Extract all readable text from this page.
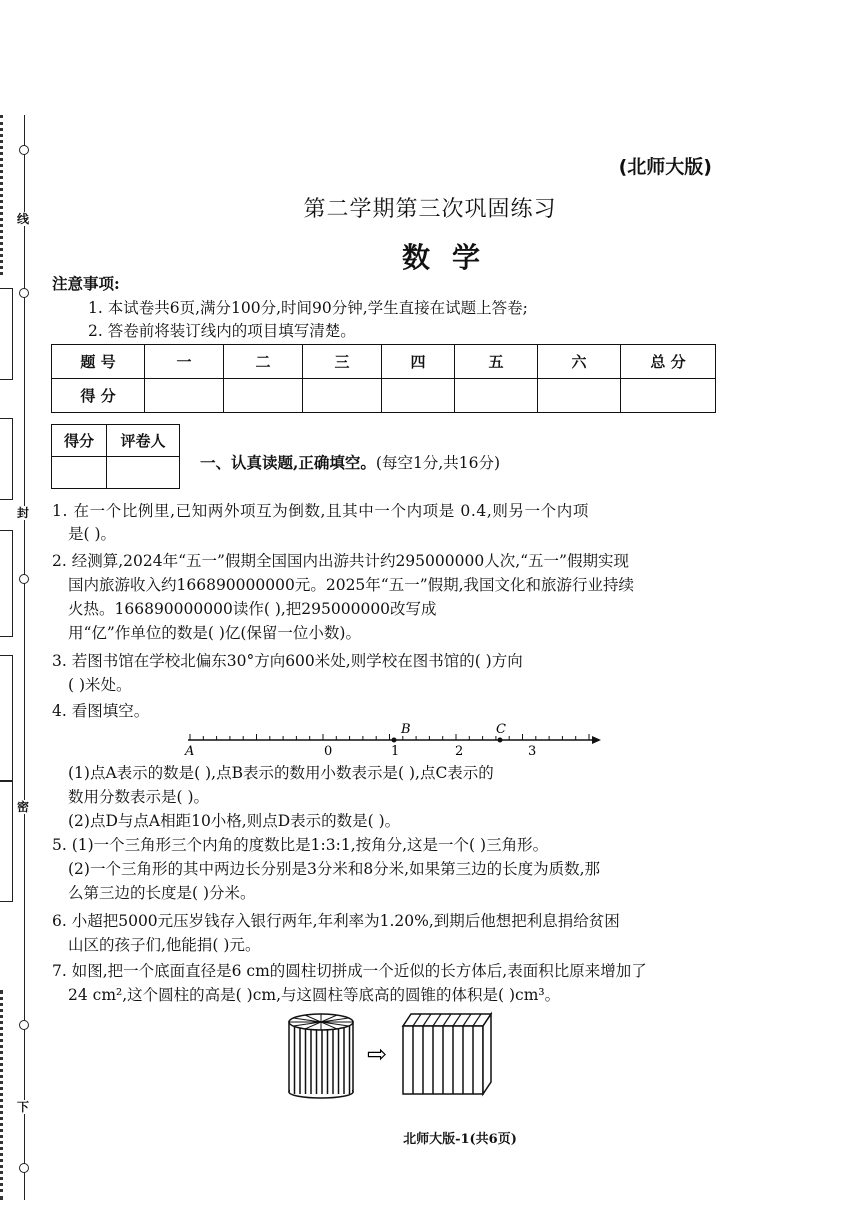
线
封
密
下
(北师大版)
第二学期第三次巩固练习
数学
注意事项:
1. 本试卷共6页,满分100分,时间90分钟,学生直接在试题上答卷;
2. 答卷前将装订线内的项目填写清楚。
题 号	一	二	三	四	五	六	总 分
得 分							
得分	评卷人

一、认真读题,正确填空。(每空1分,共16分)
1. 在一个比例里,已知两外项互为倒数,且其中一个内项是 0.4,则另一个内项
是( )。
2. 经测算,2024年“五一”假期全国国内出游共计约295000000人次,“五一”假期实现
国内旅游收入约166890000000元。2025年“五一”假期,我国文化和旅游行业持续
火热。166890000000读作( ),把295000000改写成
用“亿”作单位的数是( )亿(保留一位小数)。
3. 若图书馆在学校北偏东30°方向600米处,则学校在图书馆的( )方向
( )米处。
4. 看图填空。
A
B	C
0	1	2	3
(1)点A表示的数是( ),点B表示的数用小数表示是( ),点C表示的
数用分数表示是( )。
(2)点D与点A相距10小格,则点D表示的数是( )。
5. (1)一个三角形三个内角的度数比是1:3:1,按角分,这是一个( )三角形。
(2)一个三角形的其中两边长分别是3分米和8分米,如果第三边的长度为质数,那
么第三边的长度是( )分米。
6. 小超把5000元压岁钱存入银行两年,年利率为1.20%,到期后他想把利息捐给贫困
山区的孩子们,他能捐( )元。
7. 如图,把一个底面直径是6 cm的圆柱切拼成一个近似的长方体后,表面积比原来增加了
24 cm²,这个圆柱的高是( )cm,与这圆柱等底高的圆锥的体积是( )cm³。
⇨
北师大版-1(共6页)
